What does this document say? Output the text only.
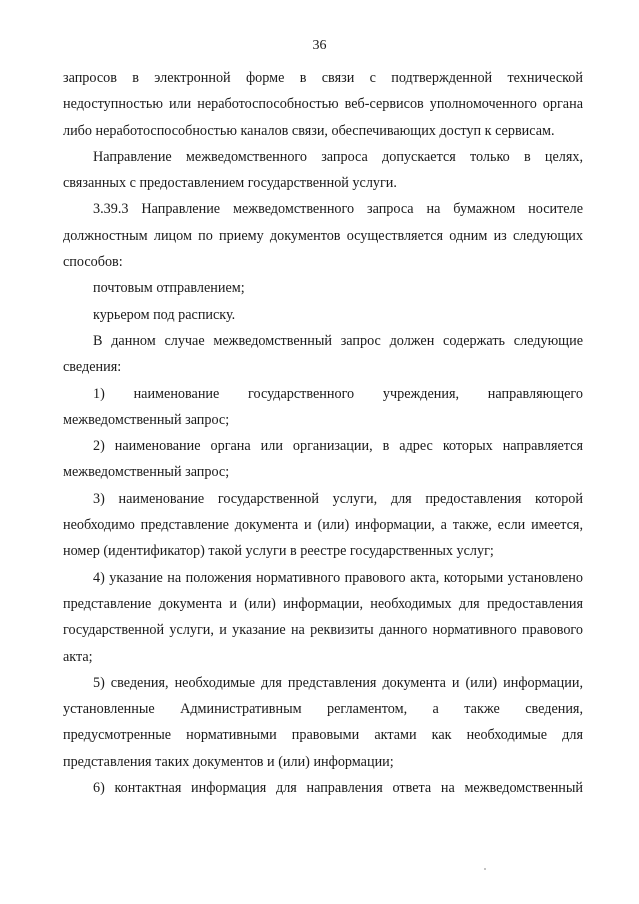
36

запросов в электронной форме в связи с подтвержденной технической недоступностью или неработоспособностью веб-сервисов уполномоченного органа либо неработоспособностью каналов связи, обеспечивающих доступ к сервисам.

Направление межведомственного запроса допускается только в целях, связанных с предоставлением государственной услуги.

3.39.3 Направление межведомственного запроса на бумажном носителе должностным лицом по приему документов осуществляется одним из следующих способов:

почтовым отправлением;

курьером под расписку.

В данном случае межведомственный запрос должен содержать следующие сведения:

1) наименование государственного учреждения, направляющего межведомственный запрос;

2) наименование органа или организации, в адрес которых направляется межведомственный запрос;

3) наименование государственной услуги, для предоставления которой необходимо представление документа и (или) информации, а также, если имеется, номер (идентификатор) такой услуги в реестре государственных услуг;

4) указание на положения нормативного правового акта, которыми установлено представление документа и (или) информации, необходимых для предоставления государственной услуги, и указание на реквизиты данного нормативного правового акта;

5) сведения, необходимые для представления документа и (или) информации, установленные Административным регламентом, а также сведения, предусмотренные нормативными правовыми актами как необходимые для представления таких документов и (или) информации;

6) контактная информация для направления ответа на межведомственный
